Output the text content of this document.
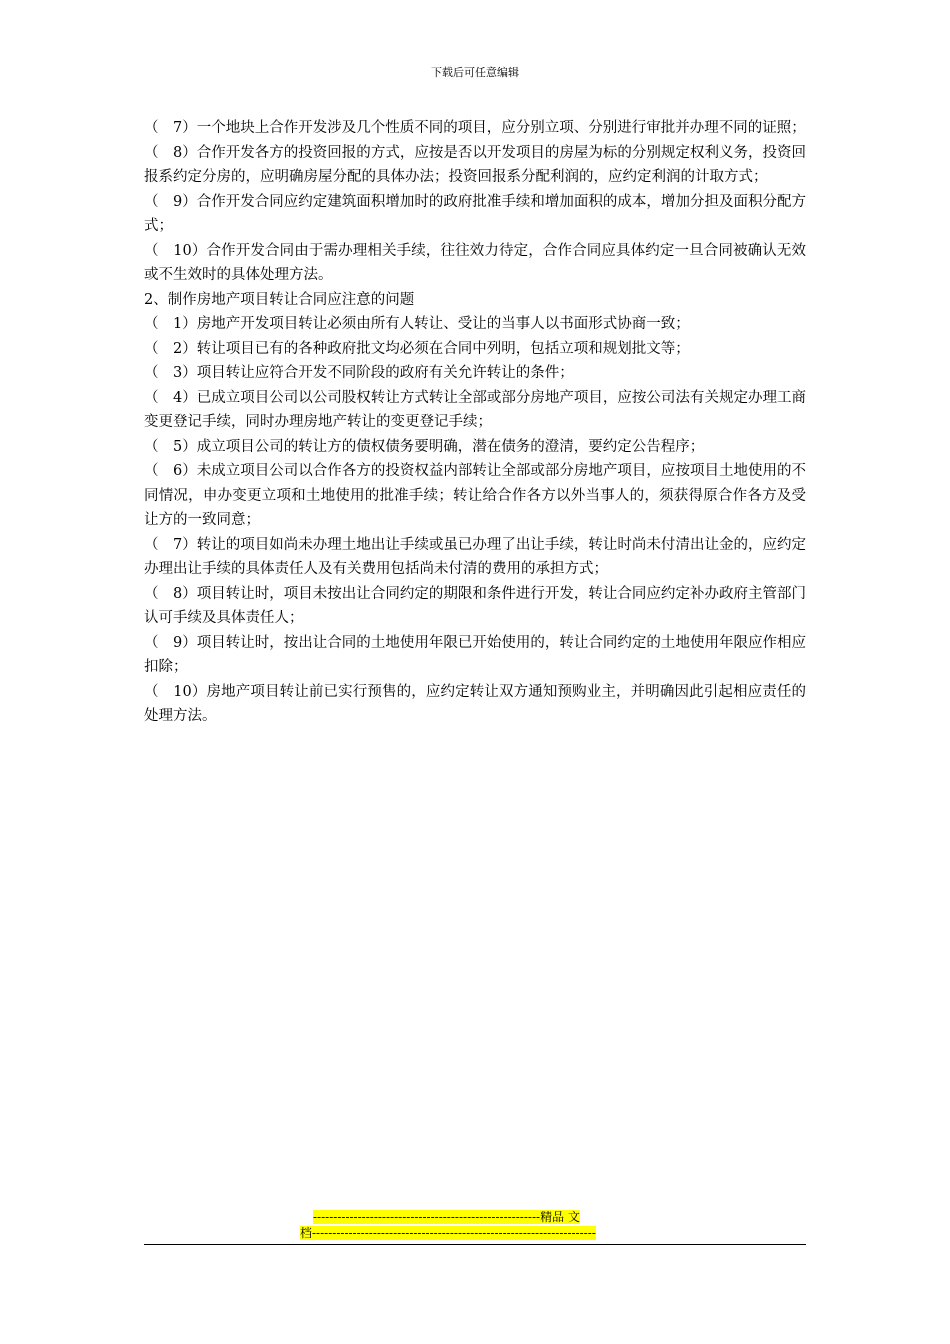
下载后可任意编辑

（　7）一个地块上合作开发涉及几个性质不同的项目，应分别立项、分别进行审批并办理不同的证照；

（　8）合作开发各方的投资回报的方式，应按是否以开发项目的房屋为标的分别规定权利义务，投资回报系约定分房的，应明确房屋分配的具体办法；投资回报系分配利润的，应约定利润的计取方式；

（　9）合作开发合同应约定建筑面积增加时的政府批准手续和增加面积的成本，增加分担及面积分配方式；

（　10）合作开发合同由于需办理相关手续，往往效力待定，合作合同应具体约定一旦合同被确认无效或不生效时的具体处理方法。

2、制作房地产项目转让合同应注意的问题

（　1）房地产开发项目转让必须由所有人转让、受让的当事人以书面形式协商一致；

（　2）转让项目已有的各种政府批文均必须在合同中列明，包括立项和规划批文等；

（　3）项目转让应符合开发不同阶段的政府有关允许转让的条件；

（　4）已成立项目公司以公司股权转让方式转让全部或部分房地产项目，应按公司法有关规定办理工商变更登记手续，同时办理房地产转让的变更登记手续；

（　5）成立项目公司的转让方的债权债务要明确，潜在债务的澄清，要约定公告程序；

（　6）未成立项目公司以合作各方的投资权益内部转让全部或部分房地产项目，应按项目土地使用的不同情况，申办变更立项和土地使用的批准手续；转让给合作各方以外当事人的，须获得原合作各方及受让方的一致同意；

（　7）转让的项目如尚未办理土地出让手续或虽已办理了出让手续，转让时尚未付清出让金的，应约定办理出让手续的具体责任人及有关费用包括尚未付清的费用的承担方式；

（　8）项目转让时，项目未按出让合同约定的期限和条件进行开发，转让合同应约定补办政府主管部门认可手续及具体责任人；

（　9）项目转让时，按出让合同的土地使用年限已开始使用的，转让合同约定的土地使用年限应作相应扣除；

（　10）房地产项目转让前已实行预售的，应约定转让双方通知预购业主，并明确因此引起相应责任的处理方法。

--------------------------------------------------------精品 文
档----------------------------------------------------------------------
